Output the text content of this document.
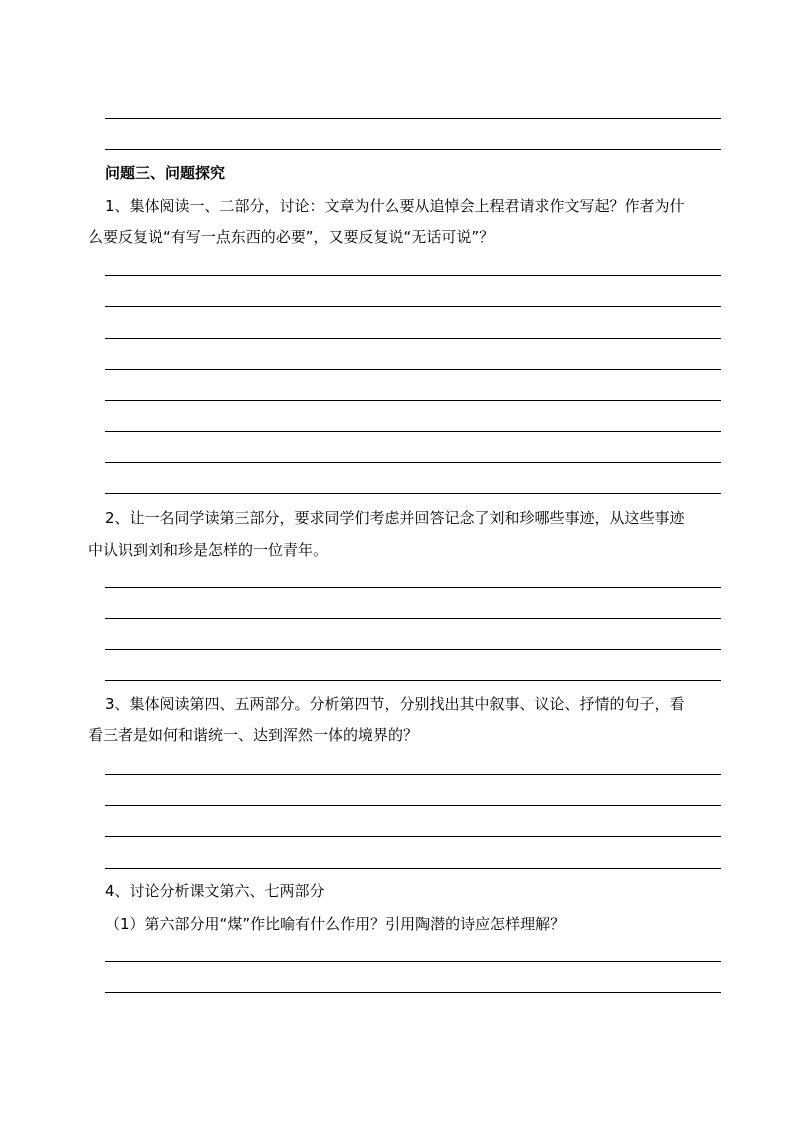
问题三、问题探究
1、集体阅读一、二部分，讨论：文章为什么要从追悼会上程君请求作文写起？作者为什
么要反复说“有写一点东西的必要”，又要反复说“无话可说”？
2、让一名同学读第三部分，要求同学们考虑并回答记念了刘和珍哪些事迹，从这些事迹
中认识到刘和珍是怎样的一位青年。
3、集体阅读第四、五两部分。分析第四节，分别找出其中叙事、议论、抒情的句子，看
看三者是如何和谐统一、达到浑然一体的境界的？
4、讨论分析课文第六、七两部分
（1）第六部分用“煤”作比喻有什么作用？引用陶潜的诗应怎样理解？
